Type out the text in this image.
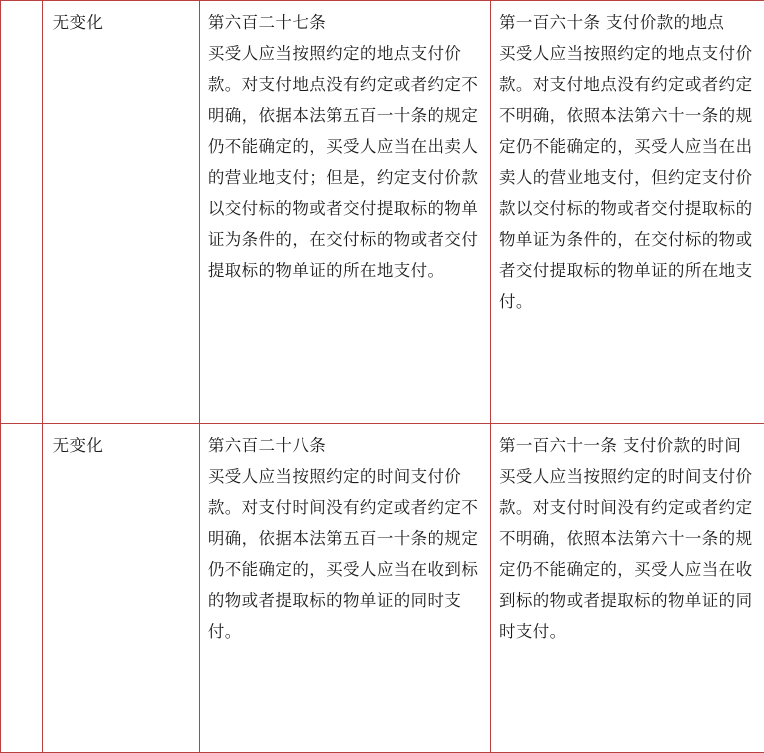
	无变化	第六百二十七条
买受人应当按照约定的地点支付价款。对支付地点没有约定或者约定不明确，依据本法第五百一十条的规定仍不能确定的，买受人应当在出卖人的营业地支付；但是，约定支付价款以交付标的物或者交付提取标的物单证为条件的，在交付标的物或者交付提取标的物单证的所在地支付。	第一百六十条 支付价款的地点
买受人应当按照约定的地点支付价款。对支付地点没有约定或者约定不明确，依照本法第六十一条的规定仍不能确定的，买受人应当在出卖人的营业地支付，但约定支付价款以交付标的物或者交付提取标的物单证为条件的，在交付标的物或者交付提取标的物单证的所在地支付。

	无变化	第六百二十八条
买受人应当按照约定的时间支付价款。对支付时间没有约定或者约定不明确，依据本法第五百一十条的规定仍不能确定的，买受人应当在收到标的物或者提取标的物单证的同时支付。	第一百六十一条 支付价款的时间
买受人应当按照约定的时间支付价款。对支付时间没有约定或者约定不明确，依照本法第六十一条的规定仍不能确定的，买受人应当在收到标的物或者提取标的物单证的同时支付。
